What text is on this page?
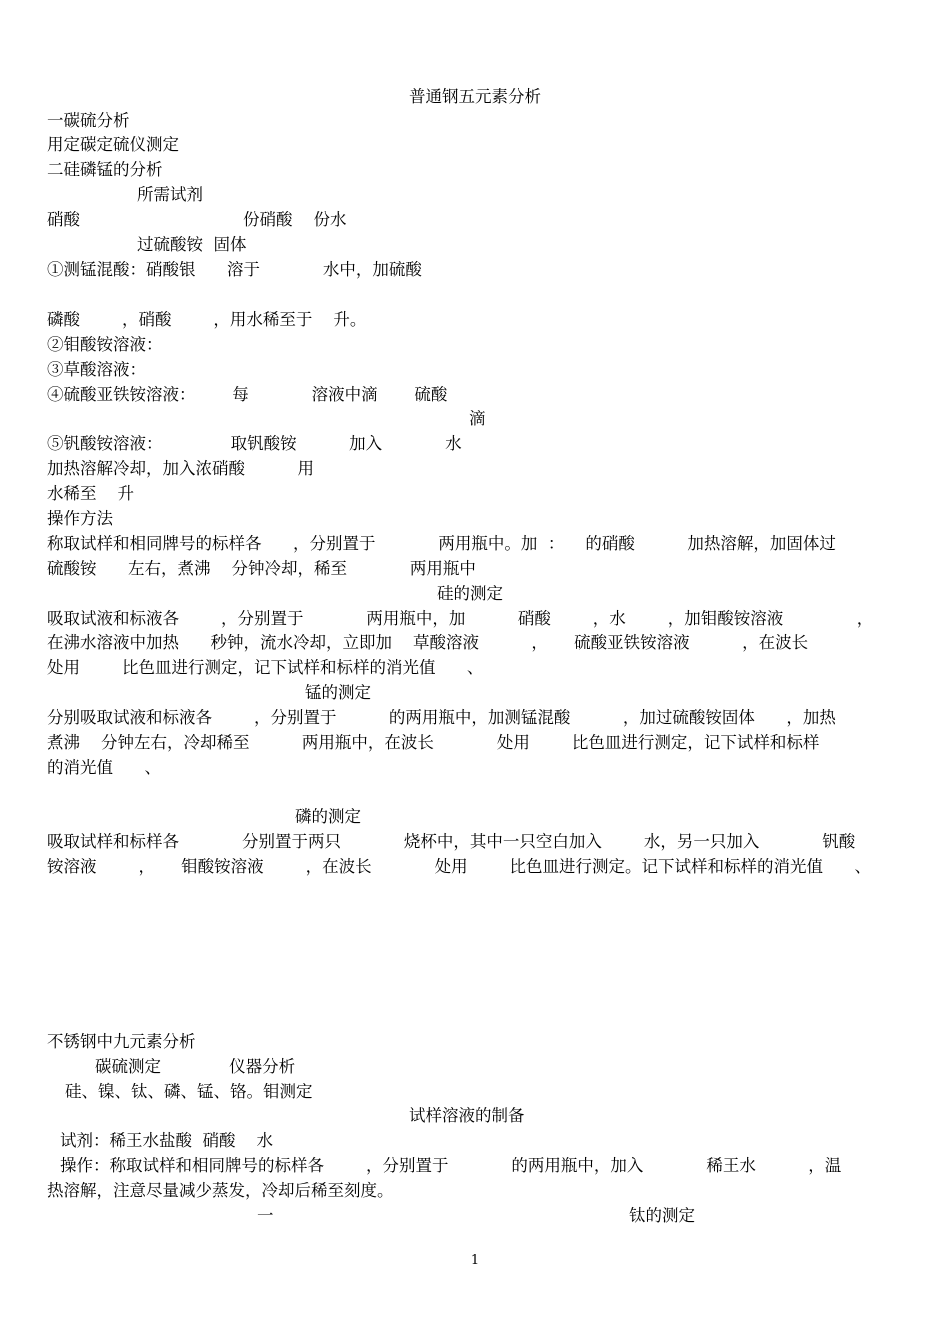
普通钢五元素分析

一碳硫分析

用定碳定硫仪测定

二硅磷锰的分析

所需试剂

硝酸	份硝酸    份水

过硫酸铵  固体

①测锰混酸：硝酸银      溶于            水中，加硫酸

磷酸        ，硝酸        ，用水稀至于    升。

②钼酸铵溶液：

③草酸溶液：

④硫酸亚铁铵溶液：       每            溶液中滴       硫酸

滴

⑤钒酸铵溶液：             取钒酸铵          加入            水

加热溶解冷却，加入浓硝酸          用

水稀至    升

操作方法

称取试样和相同牌号的标样各      ，分别置于            两用瓶中。加  ：    的硝酸          加热溶解，加固体过

硫酸铵      左右，煮沸    分钟冷却，稀至            两用瓶中

硅的测定

吸取试液和标液各        ，分别置于            两用瓶中，加          硝酸        ，水        ，加钼酸铵溶液              ，

在沸水溶液中加热      秒钟，流水冷却，立即加    草酸溶液          ，     硫酸亚铁铵溶液          ，在波长

处用        比色皿进行测定，记下试样和标样的消光值      、

锰的测定

分别吸取试液和标液各        ，分别置于          的两用瓶中，加测锰混酸          ，加过硫酸铵固体      ，加热

煮沸    分钟左右，冷却稀至          两用瓶中，在波长            处用        比色皿进行测定，记下试样和标样

的消光值      、

磷的测定

吸取试样和标样各            分别置于两只            烧杯中，其中一只空白加入        水，另一只加入            钒酸

铵溶液        ，     钼酸铵溶液        ，在波长            处用        比色皿进行测定。记下试样和标样的消光值      、

不锈钢中九元素分析

碳硫测定             仪器分析

硅、镍、钛、磷、锰、铬。钼测定

试样溶液的制备

试剂：稀王水盐酸  硝酸    水

操作：称取试样和相同牌号的标样各        ，分别置于            的两用瓶中，加入            稀王水          ，温

热溶解，注意尽量减少蒸发，冷却后稀至刻度。

一	钛的测定

1
